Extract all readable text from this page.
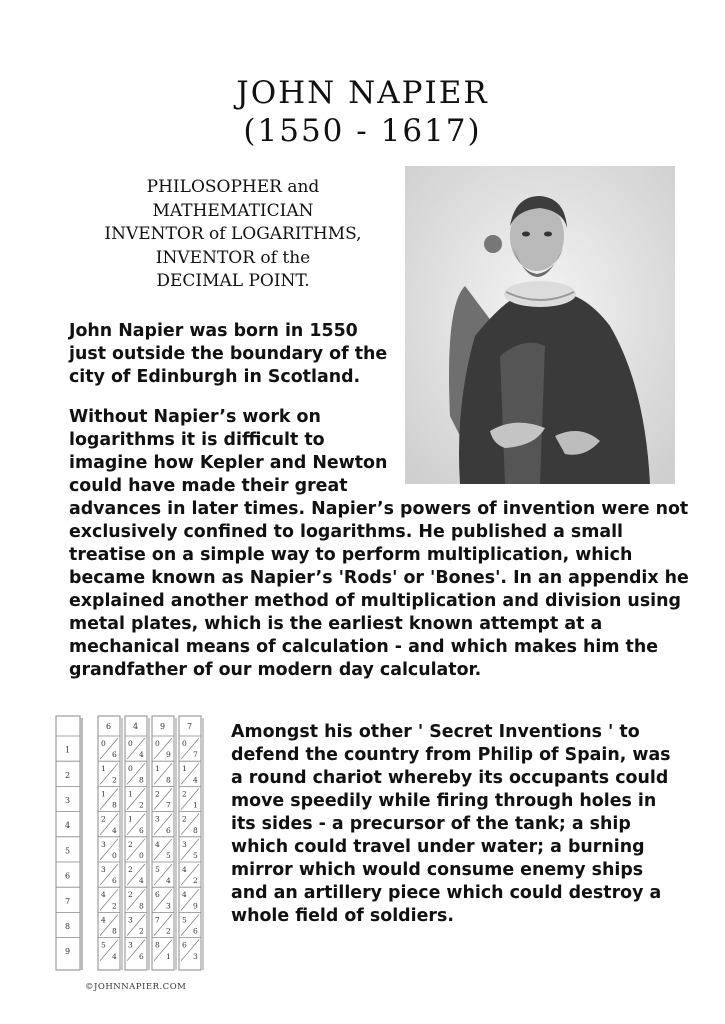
JOHN NAPIER
(1550 - 1617)
PHILOSOPHER and
MATHEMATICIAN
INVENTOR of LOGARITHMS,
INVENTOR of the
DECIMAL POINT.

John Napier was born in 1550 just outside the boundary of the city of Edinburgh in Scotland.

Without Napier’s work on logarithms it is difficult to imagine how Kepler and Newton could have made their great

advances in later times. Napier’s powers of invention were not exclusively confined to logarithms. He published a small treatise on a simple way to perform multiplication, which became known as Napier’s 'Rods' or 'Bones'. In an appendix he explained another method of multiplication and division using metal plates, which is the earliest known attempt at a mechanical means of calculation - and which makes him the grandfather of our modern day calculator.

1
2
3
4
5
6
7
8
9
6
0
6
1
2
1
8
2
4
3
0
3
6
4
2
4
8
5
4
4
0
4
0
8
1
2
1
6
2
0
2
4
2
8
3
2
3
6
9
0
9
1
8
2
7
3
6
4
5
5
4
6
3
7
2
8
1
7
0
7
1
4
2
1
2
8
3
5
4
2
4
9
5
6
6
3

Amongst his other ' Secret Inventions ' to defend the country from Philip of Spain, was a round chariot whereby its occupants could move speedily while firing through holes in its sides - a precursor of the tank; a ship which could travel under water; a burning mirror which would consume enemy ships and an artillery piece which could destroy a whole field of soldiers.

©JOHNNAPIER.COM
